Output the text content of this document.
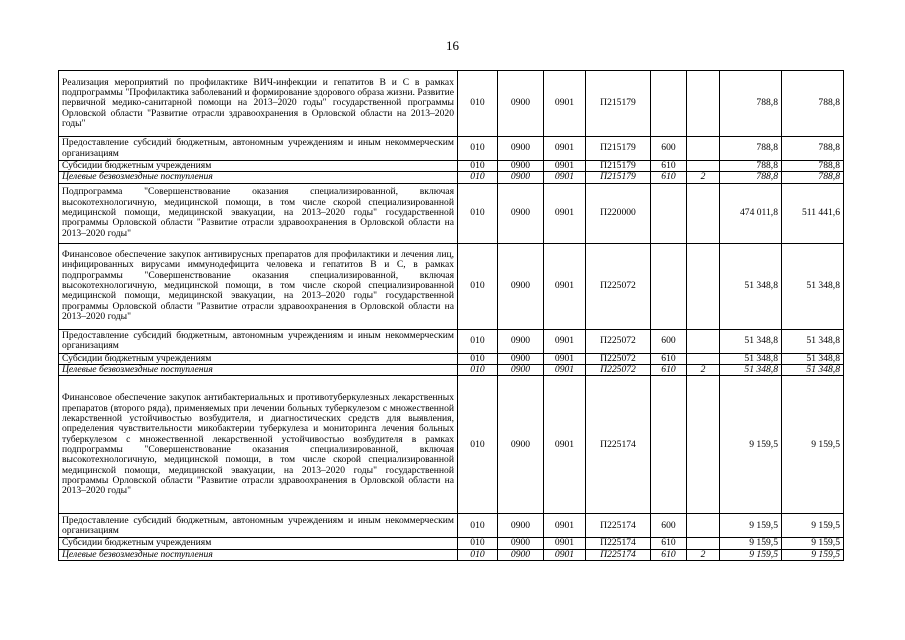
16
Реализация мероприятий по профилактике ВИЧ-инфекции и гепатитов В и С в рамках подпрограммы "Профилактика заболеваний и формирование здорового образа жизни. Развитие первичной медико-санитарной помощи на 2013–2020 годы" государственной программы Орловской области "Развитие отрасли здравоохранения в Орловской области на 2013–2020 годы"	010	0900	0901	П215179			788,8	788,8
Предоставление субсидий бюджетным, автономным учреждениям и иным некоммерческим организациям	010	0900	0901	П215179	600		788,8	788,8
Субсидии бюджетным учреждениям	010	0900	0901	П215179	610		788,8	788,8
Целевые безвозмездные поступления	010	0900	0901	П215179	610	2	788,8	788,8
Подпрограмма "Совершенствование оказания специализированной, включая высокотехнологичную, медицинской помощи, в том числе скорой специализированной медицинской помощи, медицинской эвакуации, на 2013–2020 годы" государственной программы Орловской области "Развитие отрасли здравоохранения в Орловской области на 2013–2020 годы"	010	0900	0901	П220000			474 011,8	511 441,6
Финансовое обеспечение закупок антивирусных препаратов для профилактики и лечения лиц, инфицированных вирусами иммунодефицита человека и гепатитов В и С, в рамках подпрограммы "Совершенствование оказания специализированной, включая высокотехнологичную, медицинской помощи, в том числе скорой специализированной медицинской помощи, медицинской эвакуации, на 2013–2020 годы" государственной программы Орловской области "Развитие отрасли здравоохранения в Орловской области на 2013–2020 годы"	010	0900	0901	П225072			51 348,8	51 348,8
Предоставление субсидий бюджетным, автономным учреждениям и иным некоммерческим организациям	010	0900	0901	П225072	600		51 348,8	51 348,8
Субсидии бюджетным учреждениям	010	0900	0901	П225072	610		51 348,8	51 348,8
Целевые безвозмездные поступления	010	0900	0901	П225072	610	2	51 348,8	51 348,8
Финансовое обеспечение закупок антибактериальных и противотуберкулезных лекарственных препаратов (второго ряда), применяемых при лечении больных туберкулезом с множественной лекарственной устойчивостью возбудителя, и диагностических средств для выявления, определения чувствительности микобактерии туберкулеза и мониторинга лечения больных туберкулезом с множественной лекарственной устойчивостью возбудителя в рамках подпрограммы "Совершенствование оказания специализированной, включая высокотехнологичную, медицинской помощи, в том числе скорой специализированной медицинской помощи, медицинской эвакуации, на 2013–2020 годы" государственной программы Орловской области "Развитие отрасли здравоохранения в Орловской области на 2013–2020 годы"	010	0900	0901	П225174			9 159,5	9 159,5
Предоставление субсидий бюджетным, автономным учреждениям и иным некоммерческим организациям	010	0900	0901	П225174	600		9 159,5	9 159,5
Субсидии бюджетным учреждениям	010	0900	0901	П225174	610		9 159,5	9 159,5
Целевые безвозмездные поступления	010	0900	0901	П225174	610	2	9 159,5	9 159,5
